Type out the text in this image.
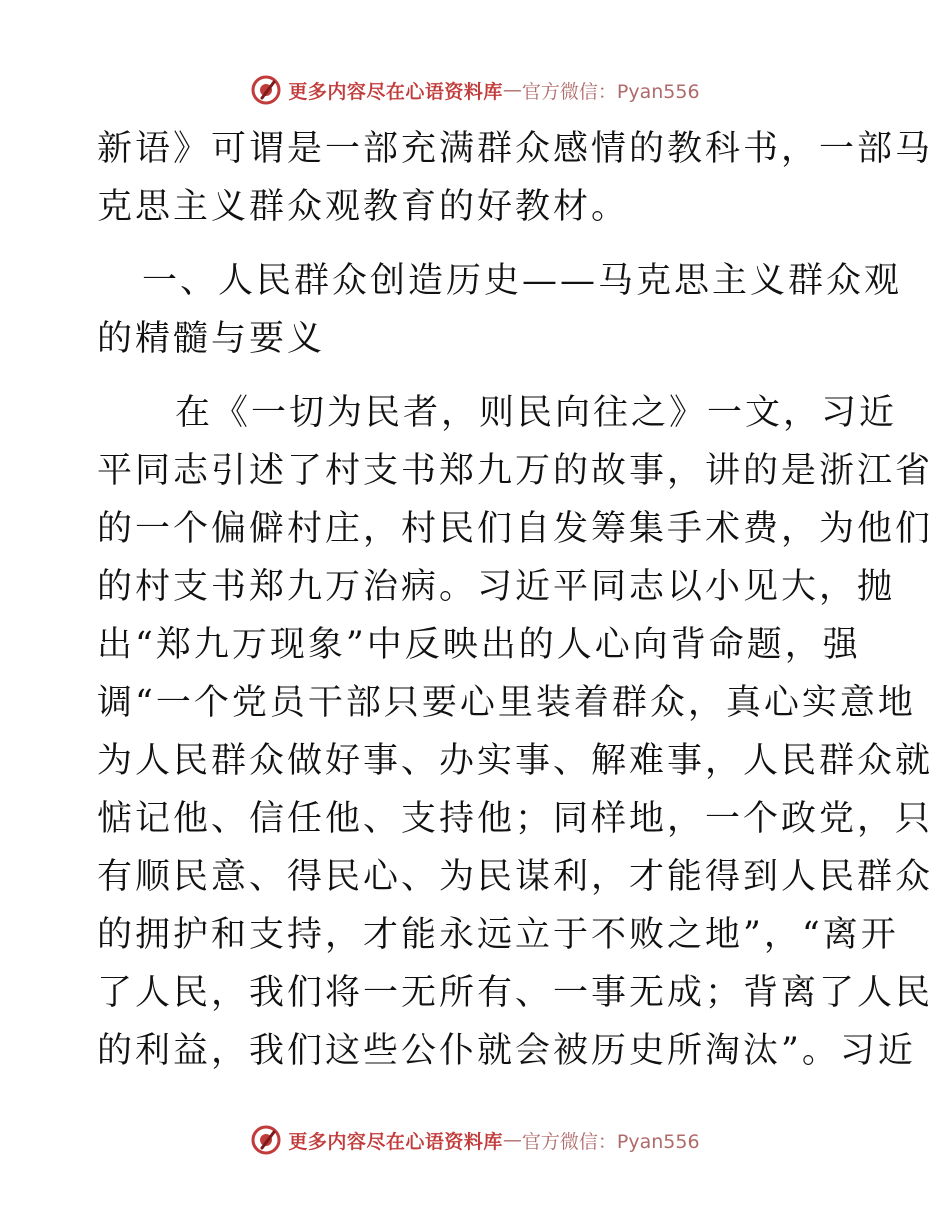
更多内容尽在心语资料库 — 官方微信：Pyan556
新语》可谓是一部充满群众感情的教科书，一部马
克思主义群众观教育的好教材。
一、人民群众创造历史——马克思主义群众观
的精髓与要义
在《一切为民者，则民向往之》一文，习近
平同志引述了村支书郑九万的故事，讲的是浙江省
的一个偏僻村庄，村民们自发筹集手术费，为他们
的村支书郑九万治病。习近平同志以小见大，抛
出“郑九万现象”中反映出的人心向背命题，强
调“一个党员干部只要心里装着群众，真心实意地
为人民群众做好事、办实事、解难事，人民群众就
惦记他、信任他、支持他；同样地，一个政党，只
有顺民意、得民心、为民谋利，才能得到人民群众
的拥护和支持，才能永远立于不败之地”，“离开
了人民，我们将一无所有、一事无成；背离了人民
的利益，我们这些公仆就会被历史所淘汰”。习近
更多内容尽在心语资料库 — 官方微信：Pyan556
